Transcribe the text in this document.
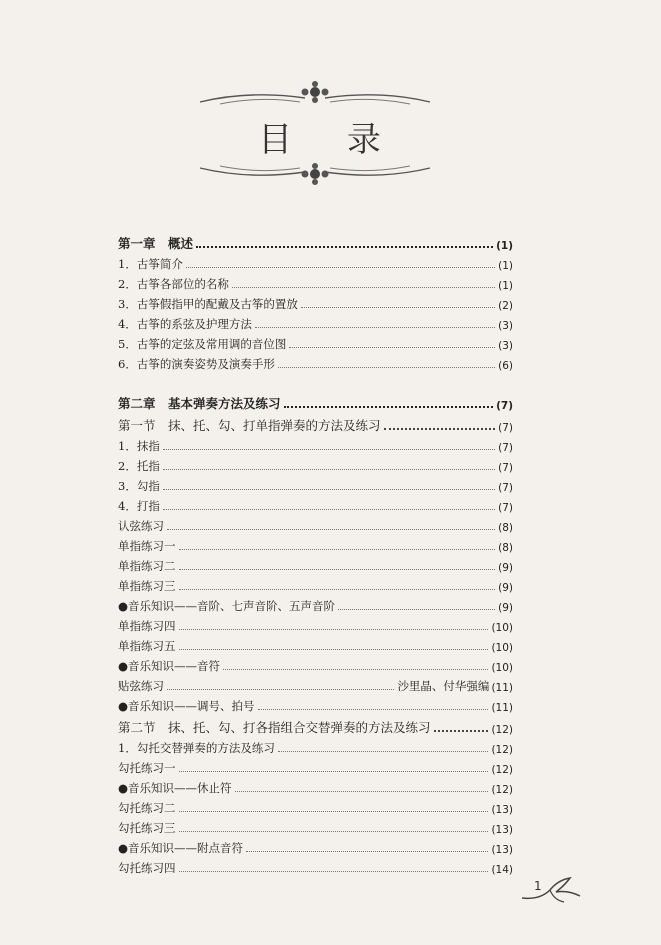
目 录
第一章　概述	(1)
1．古筝简介	(1)
2．古筝各部位的名称	(1)
3．古筝假指甲的配戴及古筝的置放	(2)
4．古筝的系弦及护理方法	(3)
5．古筝的定弦及常用调的音位图	(3)
6．古筝的演奏姿势及演奏手形	(6)
第二章　基本弹奏方法及练习	(7)
第一节　抹、托、勾、打单指弹奏的方法及练习	(7)
1．抹指	(7)
2．托指	(7)
3．勾指	(7)
4．打指	(7)
认弦练习	(8)
单指练习一	(8)
单指练习二	(9)
单指练习三	(9)
●音乐知识——音阶、七声音阶、五声音阶	(9)
单指练习四	(10)
单指练习五	(10)
●音乐知识——音符	(10)
贴弦练习	沙里晶、付华强编 (11)
●音乐知识——调号、拍号	(11)
第二节　抹、托、勾、打各指组合交替弹奏的方法及练习	(12)
1．勾托交替弹奏的方法及练习	(12)
勾托练习一	(12)
●音乐知识——休止符	(12)
勾托练习二	(13)
勾托练习三	(13)
●音乐知识——附点音符	(13)
勾托练习四	(14)
1
